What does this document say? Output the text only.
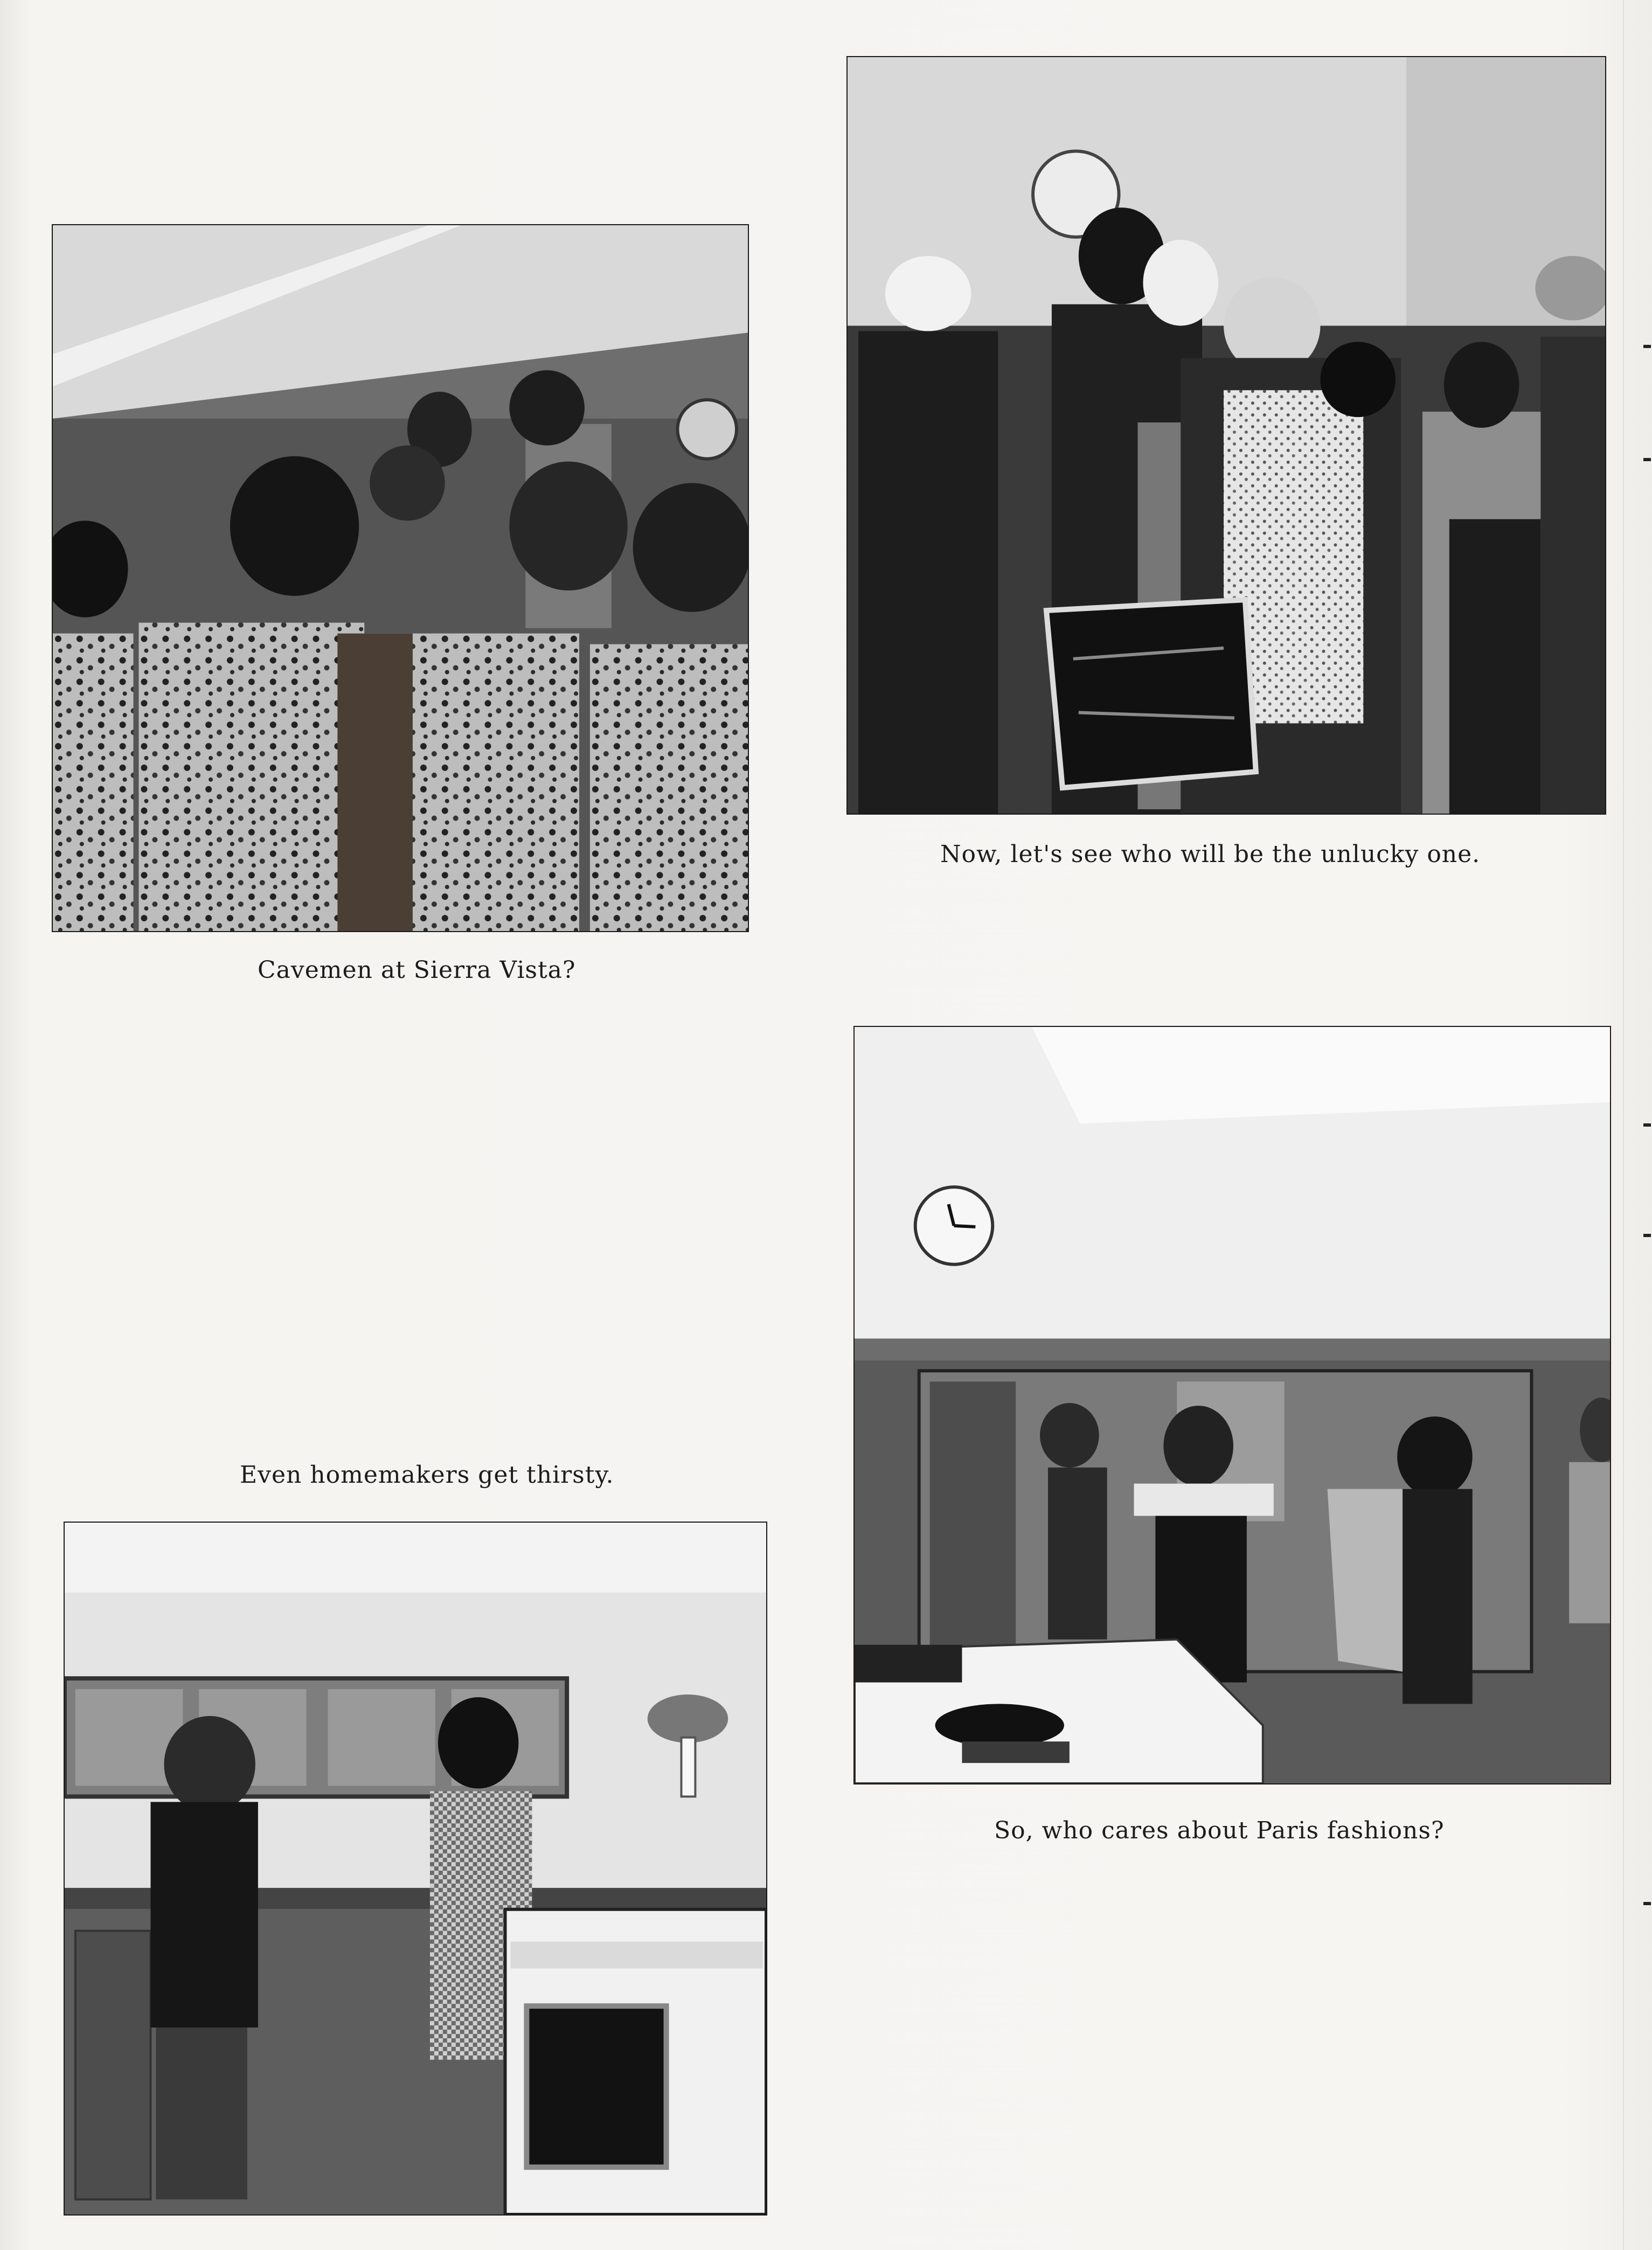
Cavemen at Sierra Vista?
Now, let's see who will be the unlucky one.
Even homemakers get thirsty.
So, who cares about Paris fashions?
